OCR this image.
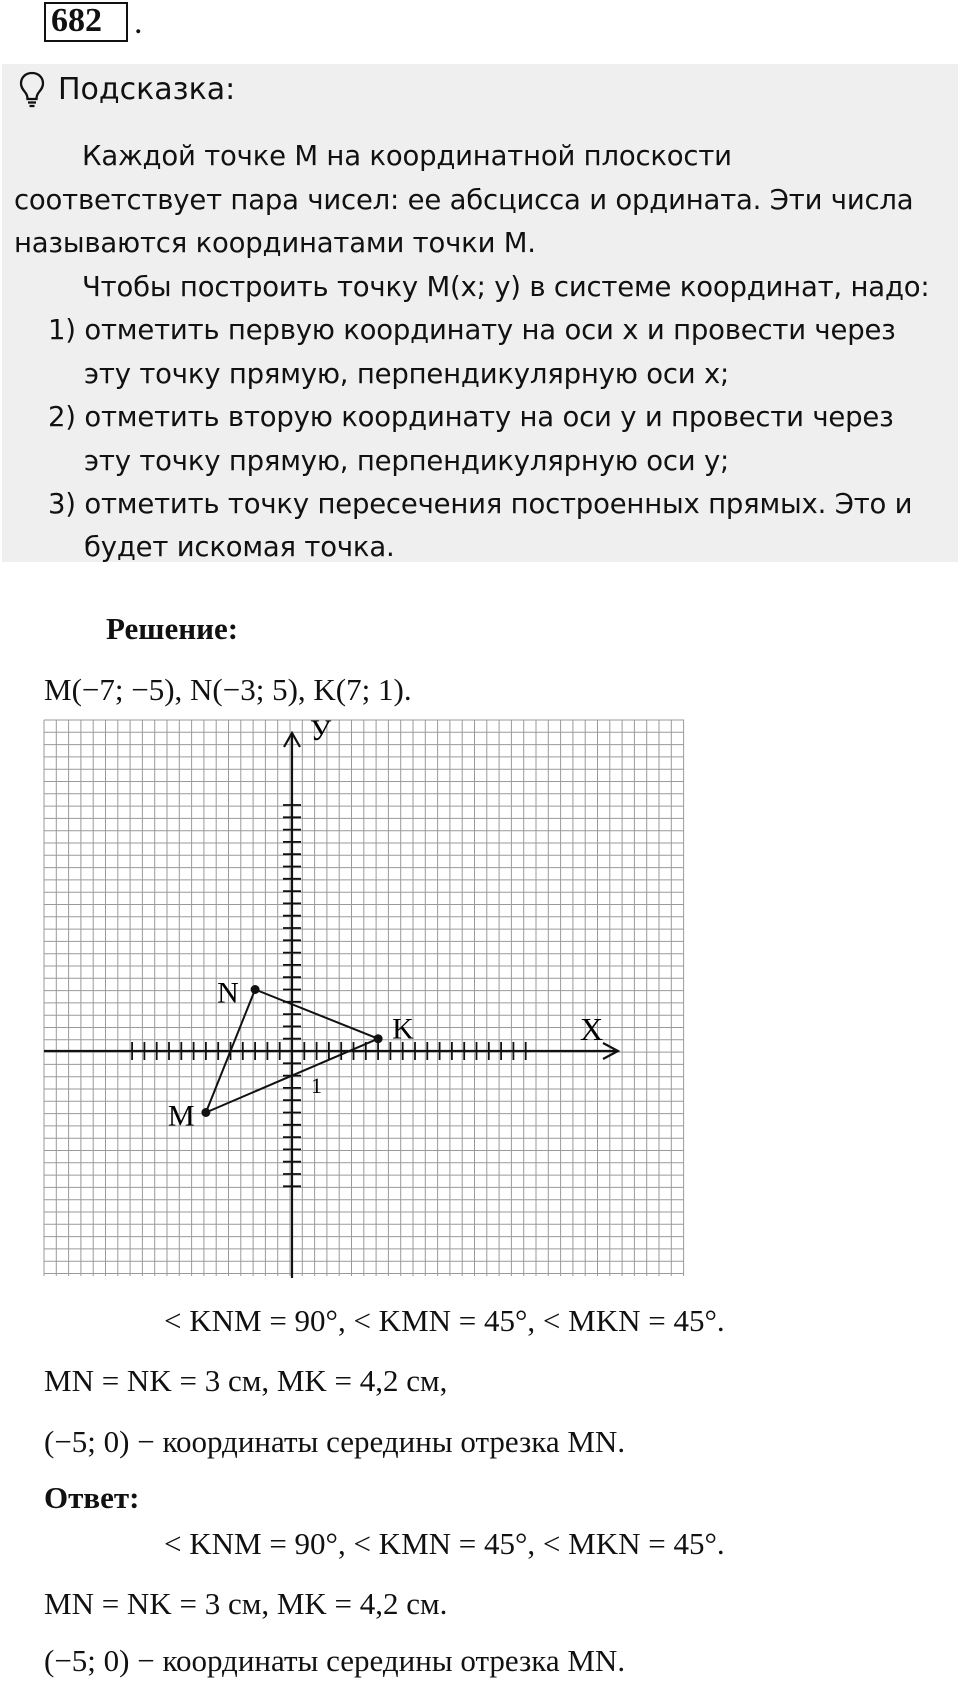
682 .
Подсказка:
Каждой точке М на координатной плоскости
соответствует пара чисел: ее абсцисса и ордината. Эти числа
называются координатами точки М.
Чтобы построить точку М(x; y) в системе координат, надо:
1) отметить первую координату на оси x и провести через
эту точку прямую, перпендикулярную оси x;
2) отметить вторую координату на оси y и провести через
эту точку прямую, перпендикулярную оси y;
3) отметить точку пересечения построенных прямых. Это и
будет искомая точка.
Решение:
M(−7; −5), N(−3; 5), K(7; 1).
M
N
K	X
У
1
< KNM = 90°, < KMN = 45°, < MKN = 45°.
MN = NK = 3 см, MK = 4,2 см,
(−5; 0) − координаты середины отрезка MN.
Ответ:
< KNM = 90°, < KMN = 45°, < MKN = 45°.
MN = NK = 3 см, MK = 4,2 см.
(−5; 0) − координаты середины отрезка MN.
